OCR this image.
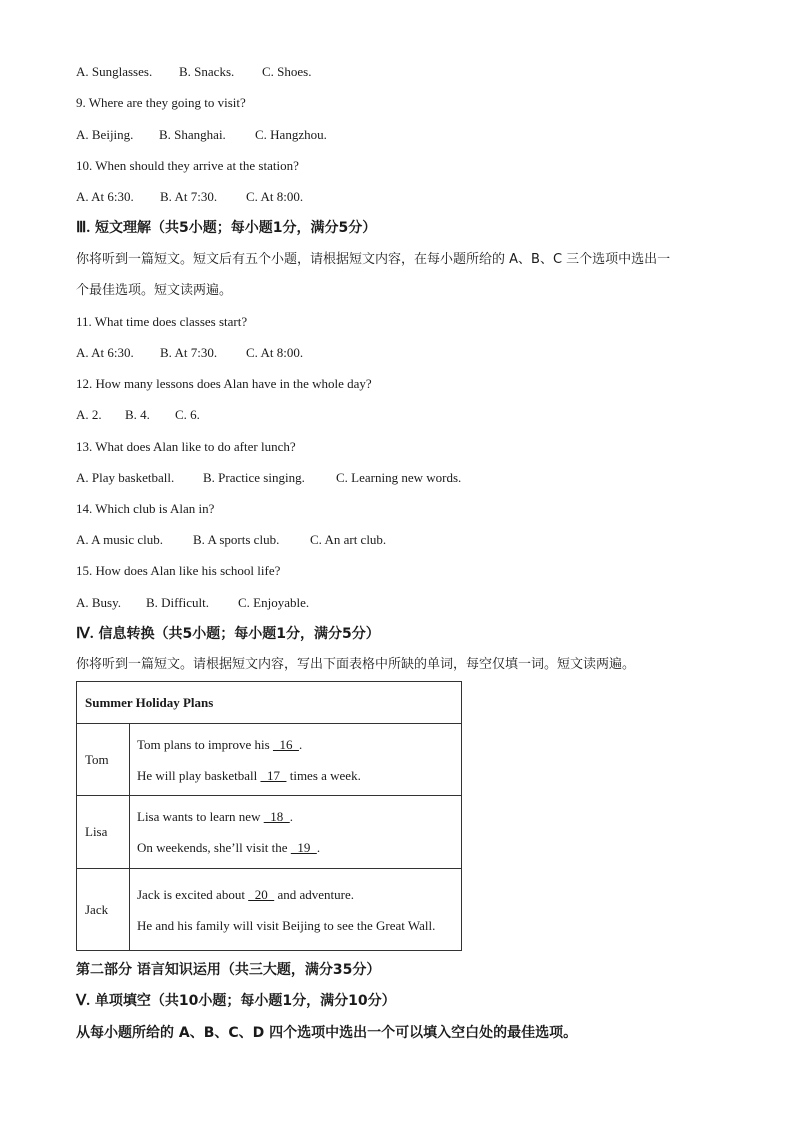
A. Sunglasses. B. Snacks. C. Shoes.
9. Where are they going to visit?
A. Beijing. B. Shanghai. C. Hangzhou.
10. When should they arrive at the station?
A. At 6:30. B. At 7:30. C. At 8:00.
Ⅲ. 短文理解（共5小题；每小题1分，满分5分）
你将听到一篇短文。短文后有五个小题，请根据短文内容，在每小题所给的 A、B、C 三个选项中选出一
个最佳选项。短文读两遍。
11. What time does classes start?
A. At 6:30. B. At 7:30. C. At 8:00.
12. How many lessons does Alan have in the whole day?
A. 2. B. 4. C. 6.
13. What does Alan like to do after lunch?
A. Play basketball. B. Practice singing. C. Learning new words.
14. Which club is Alan in?
A. A music club. B. A sports club. C. An art club.
15. How does Alan like his school life?
A. Busy. B. Difficult. C. Enjoyable.
Ⅳ. 信息转换（共5小题；每小题1分，满分5分）
你将听到一篇短文。请根据短文内容，写出下面表格中所缺的单词，每空仅填一词。短文读两遍。
Summer Holiday Plans	
Tom	Tom plans to improve his   16  .
He will play basketball   17   times a week.

Lisa	Lisa wants to learn new   18  .
On weekends, she’ll visit the   19  .

Jack	Jack is excited about   20   and adventure.
He and his family will visit Beijing to see the Great Wall.
第二部分 语言知识运用（共三大题，满分35分）
Ⅴ. 单项填空（共10小题；每小题1分，满分10分）
从每小题所给的 A、B、C、D 四个选项中选出一个可以填入空白处的最佳选项。
